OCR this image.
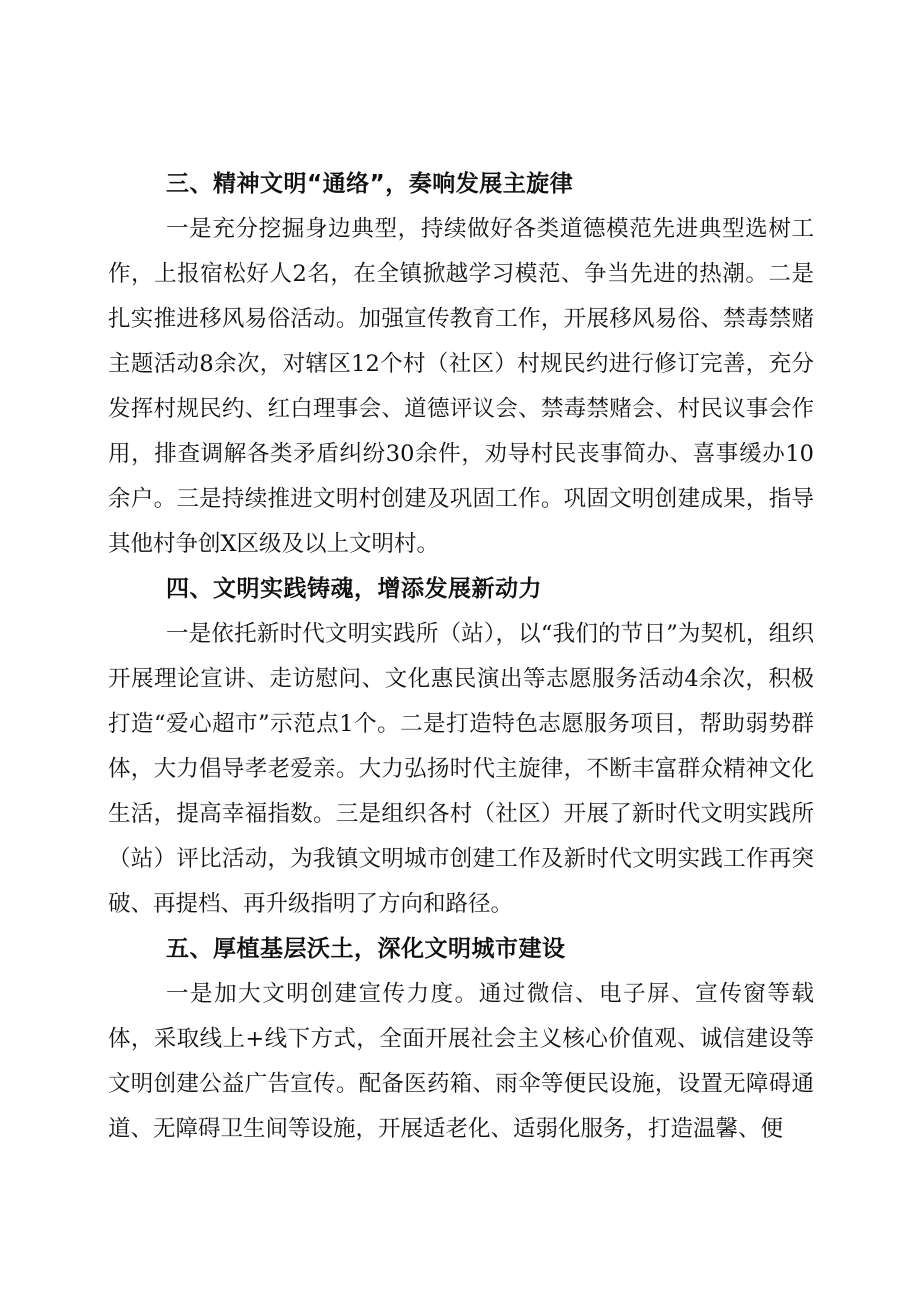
三、精神文明“通络”，奏响发展主旋律

一是充分挖掘身边典型，持续做好各类道德模范先进典型选树工作，上报宿松好人2名，在全镇掀越学习模范、争当先进的热潮。二是扎实推进移风易俗活动。加强宣传教育工作，开展移风易俗、禁毒禁赌主题活动8余次，对辖区12个村（社区）村规民约进行修订完善，充分发挥村规民约、红白理事会、道德评议会、禁毒禁赌会、村民议事会作用，排查调解各类矛盾纠纷30余件，劝导村民丧事简办、喜事缓办10余户。三是持续推进文明村创建及巩固工作。巩固文明创建成果，指导其他村争创X区级及以上文明村。

四、文明实践铸魂，增添发展新动力

一是依托新时代文明实践所（站），以“我们的节日”为契机，组织开展理论宣讲、走访慰问、文化惠民演出等志愿服务活动4余次，积极打造“爱心超市”示范点1个。二是打造特色志愿服务项目，帮助弱势群体，大力倡导孝老爱亲。大力弘扬时代主旋律，不断丰富群众精神文化生活，提高幸福指数。三是组织各村（社区）开展了新时代文明实践所（站）评比活动，为我镇文明城市创建工作及新时代文明实践工作再突破、再提档、再升级指明了方向和路径。

五、厚植基层沃土，深化文明城市建设

一是加大文明创建宣传力度。通过微信、电子屏、宣传窗等载体，采取线上+线下方式，全面开展社会主义核心价值观、诚信建设等文明创建公益广告宣传。配备医药箱、雨伞等便民设施，设置无障碍通道、无障碍卫生间等设施，开展适老化、适弱化服务，打造温馨、便
